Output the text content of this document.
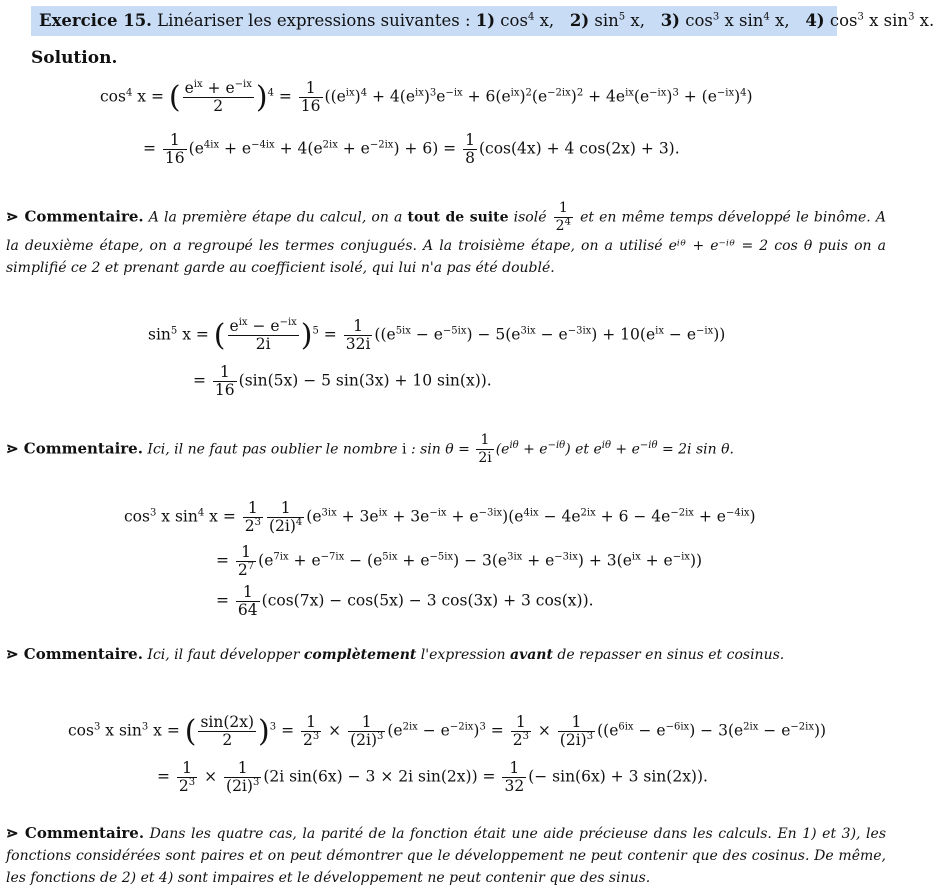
Exercice 15. Linéariser les expressions suivantes : 1) $\cos^4 x$,   2) $\sin^5 x$,   3) $\cos^3 x$ $\sin^4 x$,   4) $\cos^3 x$ $\sin^3 x$.
Solution.
$\cos^4 x$ = ( $\frac{e^{ix} + e^{-ix}}{2} )^4 = \frac{1}{16} ((e^{ix})^4 + 4(e^{ix})^3e^{-ix} + 6(e^{ix})^2(e^{-2ix})^2 + 4e^{ix}(e^{-ix})^3 + (e^{-ix})^4)$
= $\frac{1}{16} (e^{4ix} + e^{-4ix} + 4(e^{2ix} + e^{-2ix}) + 6) = \frac{1}{8} (\cos(4x) + 4$ cos(2x) + 3).
⋗ Commentaire. A la première étape du calcul, on a tout de suite isolé $\frac{1}{2^4}$ et en même temps développé le binôme. A la deuxième étape, on a regroupé les termes conjugués. A la troisième étape, on a utilisé eⁱᶿ + e⁻ⁱᶿ = 2 cos θ puis on a simplifié ce 2 et prenant garde au coefficient isolé, qui lui n'a pas été doublé.
$\sin^5 x$ = ( $\frac{e^{ix} - e^{-ix}}{2i} )^5 = \frac{1}{32i} ((e^{5ix} - e^{-5ix}) - 5(e^{3ix} - e^{-3ix}) + 10(e^{ix} - e^{-ix}))$
= $\frac{1}{16} (\sin(5x) - 5$ sin(3x) + 10 sin(x)).
⋗ Commentaire. Ici, il ne faut pas oublier le nombre i : $\sin \theta = \frac{1}{2i} (e^{i\theta} + e^{-i\theta})$ et $e^{i\theta} + e^{-i\theta} = 2i$ sin θ.
$\cos^3 x$ $\sin^4 x = \frac{1}{2^3} \frac{1}{(2i)^4} (e^{3ix} + 3e^{ix} + 3e^{-ix} + e^{-3ix})(e^{4ix} - 4e^{2ix} + 6 - 4e^{-2ix} + e^{-4ix})$
= $\frac{1}{2^7} (e^{7ix} + e^{-7ix} - (e^{5ix} + e^{-5ix}) - 3(e^{3ix} + e^{-3ix}) + 3(e^{ix} + e^{-ix}))$
= $\frac{1}{64} (\cos(7x) - \cos(5x) - 3$ cos(3x) + 3 cos(x)).
⋗ Commentaire. Ici, il faut développer complètement l'expression avant de repasser en sinus et cosinus.
$\cos^3 x$ $\sin^3 x$ = ( $\frac{\sin(2x)}{2} )^3 = \frac{1}{2^3} \times \frac{1}{(2i)^3} (e^{2ix} - e^{-2ix})^3 = \frac{1}{2^3} \times \frac{1}{(2i)^3} ((e^{6ix} - e^{-6ix}) - 3(e^{2ix} - e^{-2ix}))$
= $\frac{1}{2^3} \times \frac{1}{(2i)^3} (2i$ sin(6x) − 3 × 2i $\sin(2x)) = \frac{1}{32}$ (− sin(6x) + 3 sin(2x)).
⋗ Commentaire. Dans les quatre cas, la parité de la fonction était une aide précieuse dans les calculs. En 1) et 3), les fonctions considérées sont paires et on peut démontrer que le développement ne peut contenir que des cosinus. De même, les fonctions de 2) et 4) sont impaires et le développement ne peut contenir que des sinus.
